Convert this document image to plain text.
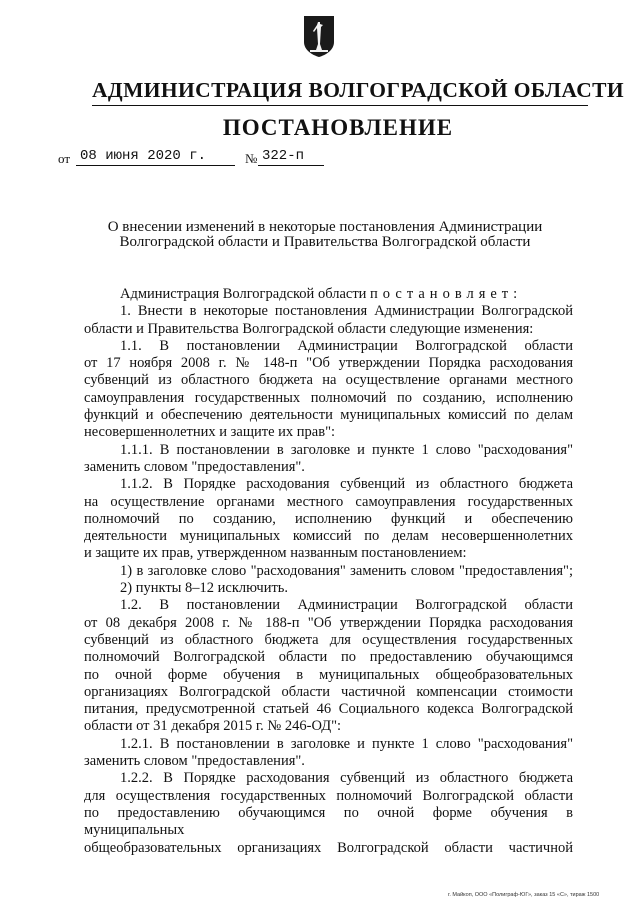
АДМИНИСТРАЦИЯ ВОЛГОГРАДСКОЙ ОБЛАСТИ
ПОСТАНОВЛЕНИЕ
от 08 июня 2020 г.	№ 322-п
О внесении изменений в некоторые постановления Администрации
Волгоградской области и Правительства Волгоградской области

Администрация Волгоградской области постановляет:

1. Внести в некоторые постановления Администрации Волгоградской

области и Правительства Волгоградской области следующие изменения:

1.1. В постановлении Администрации Волгоградской области

от 17 ноября 2008 г. № 148-п "Об утверждении Порядка расходования

субвенций из областного бюджета на осуществление органами местного

самоуправления государственных полномочий по созданию, исполнению

функций и обеспечению деятельности муниципальных комиссий по делам

несовершеннолетних и защите их прав":

1.1.1. В постановлении в заголовке и пункте 1 слово "расходования"

заменить словом "предоставления".

1.1.2. В Порядке расходования субвенций из областного бюджета

на осуществление органами местного самоуправления государственных

полномочий по созданию, исполнению функций и обеспечению

деятельности муниципальных комиссий по делам несовершеннолетних

и защите их прав, утвержденном названным постановлением:

1) в заголовке слово "расходования" заменить словом "предоставления";

2) пункты 8–12 исключить.

1.2. В постановлении Администрации Волгоградской области

от 08 декабря 2008 г. № 188-п "Об утверждении Порядка расходования

субвенций из областного бюджета для осуществления государственных

полномочий Волгоградской области по предоставлению обучающимся

по очной форме обучения в муниципальных общеобразовательных

организациях Волгоградской области частичной компенсации стоимости

питания, предусмотренной статьей 46 Социального кодекса Волгоградской

области от 31 декабря 2015 г. № 246-ОД":

1.2.1. В постановлении в заголовке и пункте 1 слово "расходования"

заменить словом "предоставления".

1.2.2. В Порядке расходования субвенций из областного бюджета

для осуществления государственных полномочий Волгоградской области

по предоставлению обучающимся по очной форме обучения в муниципальных

общеобразовательных организациях Волгоградской области частичной

г. Майкоп, ООО «Полиграф-ЮГ», заказ 15 «С», тираж 1500
